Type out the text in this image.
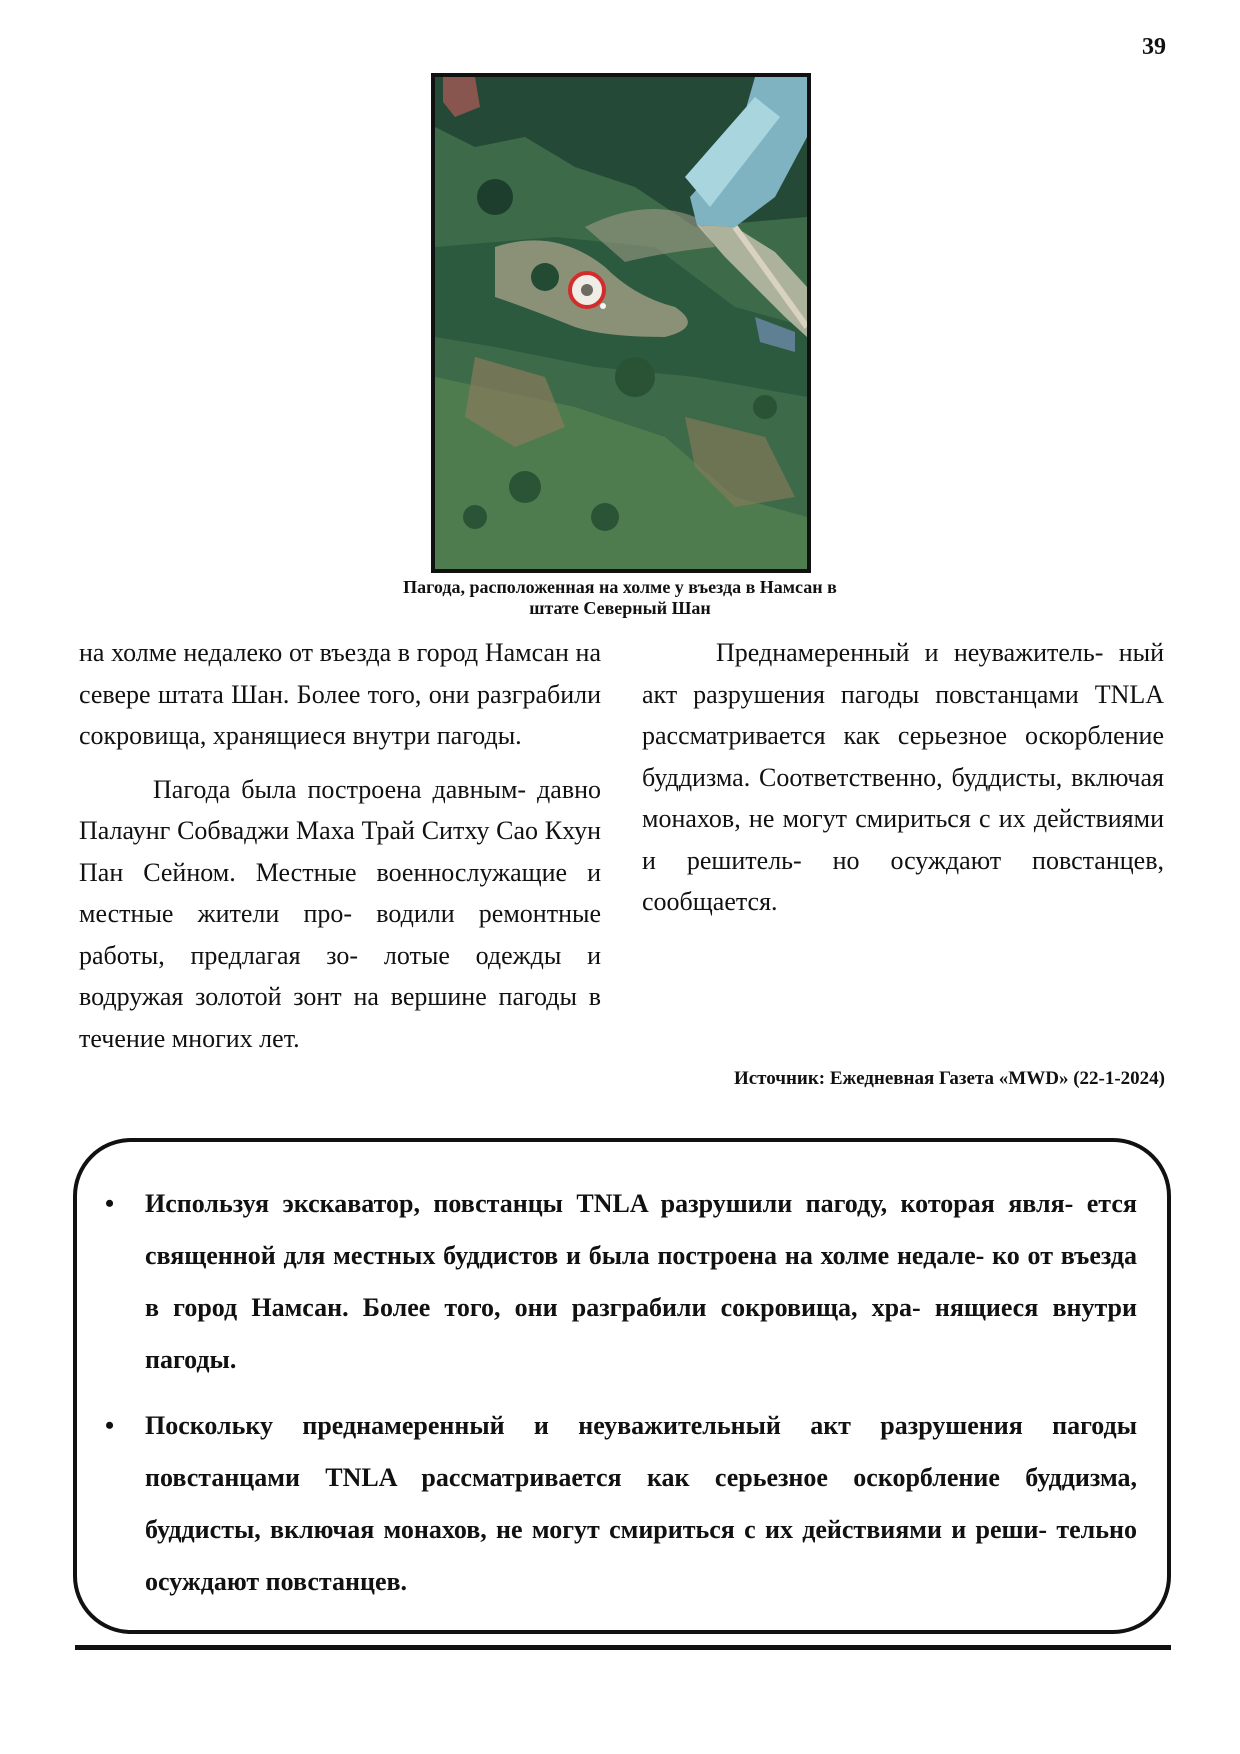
39
Пагода, расположенная на холме у въезда в Намсан в
штате Северный Шан

на холме недалеко от въезда в город Намсан на севере штата Шан. Более того, они разграбили сокровища, хранящиеся внутри пагоды.

Пагода была построена давным- давно Палаунг Собваджи Маха Трай Ситху Сао Кхун Пан Сейном. Местные военнослужащие и местные жители про- водили ремонтные работы, предлагая зо- лотые одежды и водружая золотой зонт на вершине пагоды в течение многих лет.

Преднамеренный и неуважитель- ный акт разрушения пагоды повстанцами TNLA рассматривается как серьезное оскорбление буддизма. Соответственно, буддисты, включая монахов, не могут смириться с их действиями и решитель- но осуждают повстанцев, сообщается.

Источник: Ежедневная Газета «MWD» (22-1-2024)
• Используя экскаватор, повстанцы TNLA разрушили пагоду, которая явля- ется священной для местных буддистов и была построена на холме недале- ко от въезда в город Намсан. Более того, они разграбили сокровища, хра- нящиеся внутри пагоды.
• Поскольку преднамеренный и неуважительный акт разрушения пагоды повстанцами TNLA рассматривается как серьезное оскорбление буддизма, буддисты, включая монахов, не могут смириться с их действиями и реши- тельно осуждают повстанцев.
